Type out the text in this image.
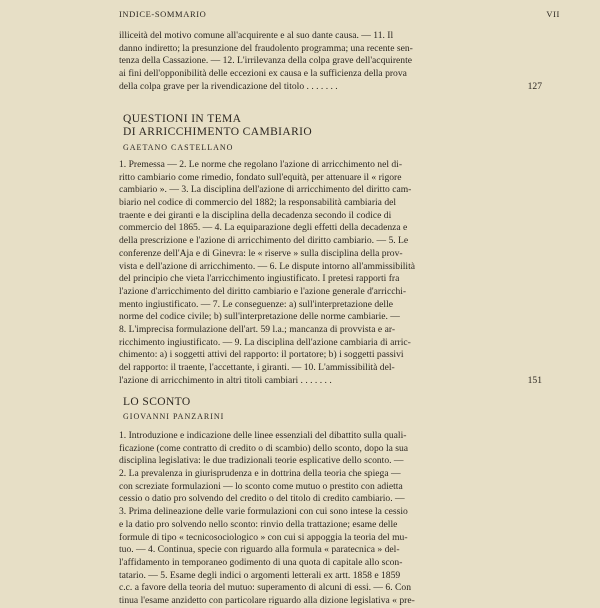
INDICE-SOMMARIO	VII
illiceità del motivo comune all'acquirente e al suo dante causa. — 11. Il
danno indiretto; la presunzione del fraudolento programma; una recente sen-
tenza della Cassazione. — 12. L'irrilevanza della colpa grave dell'acquirente
ai fini dell'opponibilità delle eccezioni ex causa e la sufficienza della prova
della colpa grave per la rivendicazione del titolo . . . . . . .	127
QUESTIONI IN TEMA
DI ARRICCHIMENTO CAMBIARIO
GAETANO CASTELLANO
1. Premessa — 2. Le norme che regolano l'azione di arricchimento nel di-
ritto cambiario come rimedio, fondato sull'equità, per attenuare il « rigore
cambiario ». — 3. La disciplina dell'azione di arricchimento del diritto cam-
biario nel codice di commercio del 1882; la responsabilità cambiaria del
traente e dei giranti e la disciplina della decadenza secondo il codice di
commercio del 1865. — 4. La equiparazione degli effetti della decadenza e
della prescrizione e l'azione di arricchimento del diritto cambiario. — 5. Le
conferenze dell'Aja e di Ginevra: le « riserve » sulla disciplina della prov-
vista e dell'azione di arricchimento. — 6. Le dispute intorno all'ammissibilità
del principio che vieta l'arricchimento ingiustificato. I pretesi rapporti fra
l'azione d'arricchimento del diritto cambiario e l'azione generale d'arricchi-
mento ingiustificato. — 7. Le conseguenze: a) sull'interpretazione delle
norme del codice civile; b) sull'interpretazione delle norme cambiarie. —
8. L'imprecisa formulazione dell'art. 59 l.a.; mancanza di provvista e ar-
ricchimento ingiustificato. — 9. La disciplina dell'azione cambiaria di arric-
chimento: a) i soggetti attivi del rapporto: il portatore; b) i soggetti passivi
del rapporto: il traente, l'accettante, i giranti. — 10. L'ammissibilità del-
l'azione di arricchimento in altri titoli cambiari . . . . . . .	151
LO SCONTO
GIOVANNI PANZARINI
1. Introduzione e indicazione delle linee essenziali del dibattito sulla quali-
ficazione (come contratto di credito o di scambio) dello sconto, dopo la sua
disciplina legislativa: le due tradizionali teorie esplicative dello sconto. —
2. La prevalenza in giurisprudenza e in dottrina della teoria che spiega —
con screziate formulazioni — lo sconto come mutuo o prestito con adietta
cessio o datio pro solvendo del credito o del titolo di credito cambiario. —
3. Prima delineazione delle varie formulazioni con cui sono intese la cessio
e la datio pro solvendo nello sconto: rinvio della trattazione; esame delle
formule di tipo « tecnicosociologico » con cui si appoggia la teoria del mu-
tuo. — 4. Continua, specie con riguardo alla formula « paratecnica » del-
l'affidamento in temporaneo godimento di una quota di capitale allo scon-
tatario. — 5. Esame degli indici o argomenti letterali ex artt. 1858 e 1859
c.c. a favore della teoria del mutuo: superamento di alcuni di essi. — 6. Con
tinua l'esame anzidetto con particolare riguardo alla dizione legislativa « pre-
